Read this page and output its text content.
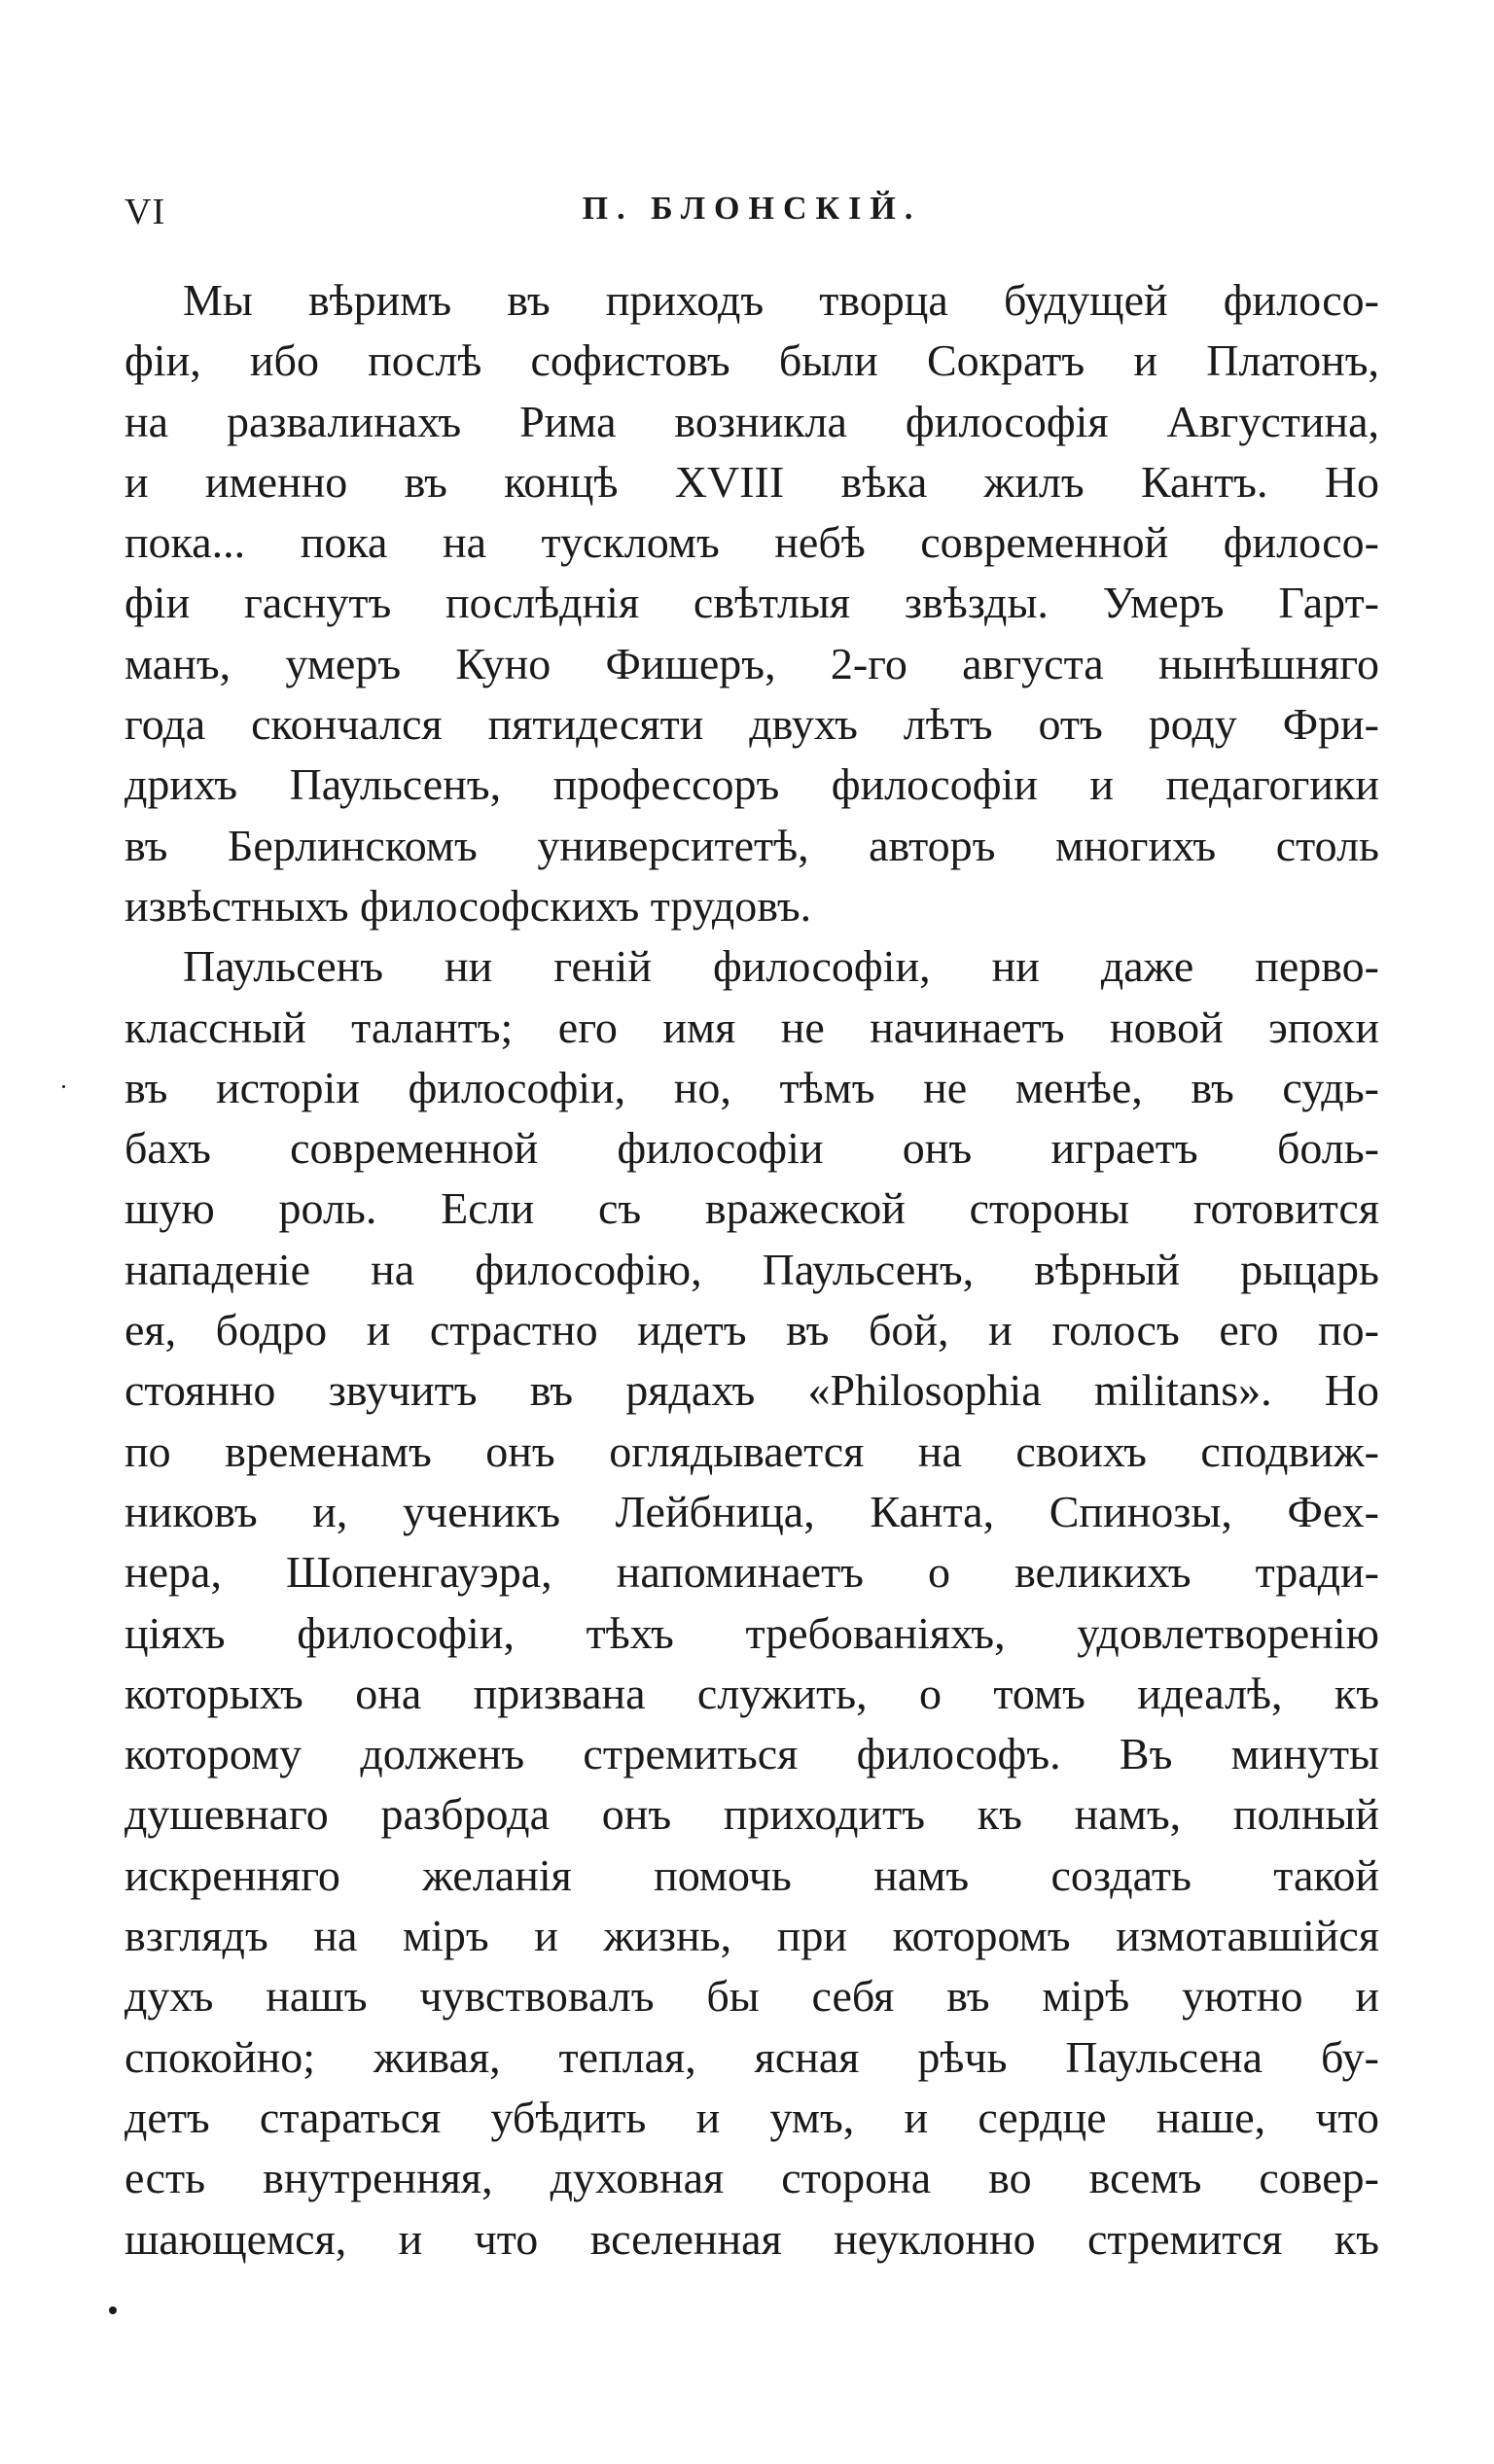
VI	П. БЛОНСКІЙ.

Мы вѣримъ въ приходъ творца будущей филосо-
фіи, ибо послѣ софистовъ были Сократъ и Платонъ,
на развалинахъ Рима возникла философія Августина,
и именно въ концѣ XVIII вѣка жилъ Кантъ. Но
пока... пока на тускломъ небѣ современной филосо-
фіи гаснутъ послѣднія свѣтлыя звѣзды. Умеръ Гарт-
манъ, умеръ Куно Фишеръ, 2-го августа нынѣшняго
года скончался пятидесяти двухъ лѣтъ отъ роду Фри-
дрихъ Паульсенъ, профессоръ философіи и педагогики
въ Берлинскомъ университетѣ, авторъ многихъ столь
извѣстныхъ философскихъ трудовъ.

Паульсенъ ни геній философіи, ни даже перво-
классный талантъ; его имя не начинаетъ новой эпохи
въ исторіи философіи, но, тѣмъ не менѣе, въ судь-
бахъ современной философіи онъ играетъ боль-
шую роль. Если съ вражеской стороны готовится
нападеніе на философію, Паульсенъ, вѣрный рыцарь
ея, бодро и страстно идетъ въ бой, и голосъ его по-
стоянно звучитъ въ рядахъ «Philosophia militans». Но
по временамъ онъ оглядывается на своихъ сподвиж-
никовъ и, ученикъ Лейбница, Канта, Спинозы, Фех-
нера, Шопенгауэра, напоминаетъ о великихъ тради-
ціяхъ философіи, тѣхъ требованіяхъ, удовлетворенію
которыхъ она призвана служить, о томъ идеалѣ, къ
которому долженъ стремиться философъ. Въ минуты
душевнаго разброда онъ приходитъ къ намъ, полный
искренняго желанія помочь намъ создать такой
взглядъ на міръ и жизнь, при которомъ измотавшійся
духъ нашъ чувствовалъ бы себя въ мірѣ уютно и
спокойно; живая, теплая, ясная рѣчь Паульсена бу-
детъ стараться убѣдить и умъ, и сердце наше, что
есть внутренняя, духовная сторона во всемъ совер-
шающемся, и что вселенная неуклонно стремится къ
